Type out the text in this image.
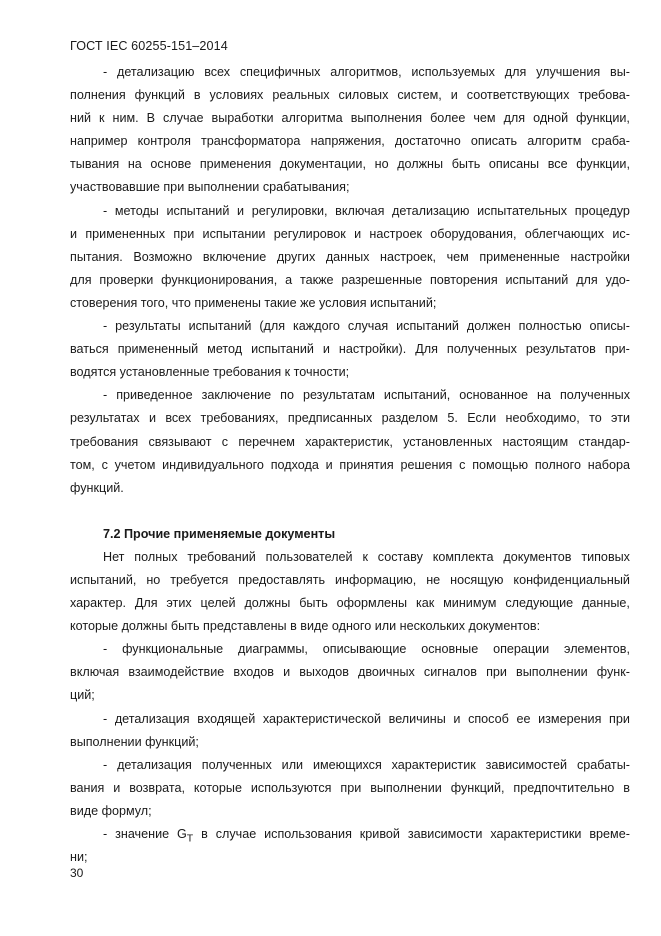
ГОСТ IEC 60255-151–2014
- детализацию всех специфичных алгоритмов, используемых для улучшения вы-
полнения функций в условиях реальных силовых систем, и соответствующих требова-
ний к ним. В случае выработки алгоритма выполнения более чем для одной функции,
например контроля трансформатора напряжения, достаточно описать алгоритм сраба-
тывания на основе применения документации, но должны быть описаны все функции,
участвовавшие при выполнении срабатывания;
- методы испытаний и регулировки, включая детализацию испытательных процедур
и примененных при испытании регулировок и настроек оборудования, облегчающих ис-
пытания. Возможно включение других данных настроек, чем примененные настройки
для проверки функционирования, а также разрешенные повторения испытаний для удо-
стоверения того, что применены такие же условия испытаний;
- результаты испытаний (для каждого случая испытаний должен полностью описы-
ваться примененный метод испытаний и настройки). Для полученных результатов при-
водятся установленные требования к точности;
- приведенное заключение по результатам испытаний, основанное на полученных
результатах и всех требованиях, предписанных разделом 5. Если необходимо, то эти
требования связывают с перечнем характеристик, установленных настоящим стандар-
том, с учетом индивидуального подхода и принятия решения с помощью полного набора
функций.
7.2 Прочие применяемые документы
Нет полных требований пользователей к составу комплекта документов типовых
испытаний, но требуется предоставлять информацию, не носящую конфиденциальный
характер. Для этих целей должны быть оформлены как минимум следующие данные,
которые должны быть представлены в виде одного или нескольких документов:
- функциональные диаграммы, описывающие основные операции элементов,
включая взаимодействие входов и выходов двоичных сигналов при выполнении функ-
ций;
- детализация входящей характеристической величины и способ ее измерения при
выполнении функций;
- детализация полученных или имеющихся характеристик зависимостей срабаты-
вания и возврата, которые используются при выполнении функций, предпочтительно в
виде формул;
- значение $G_T$ в случае использования кривой зависимости характеристики време-
ни;
30
